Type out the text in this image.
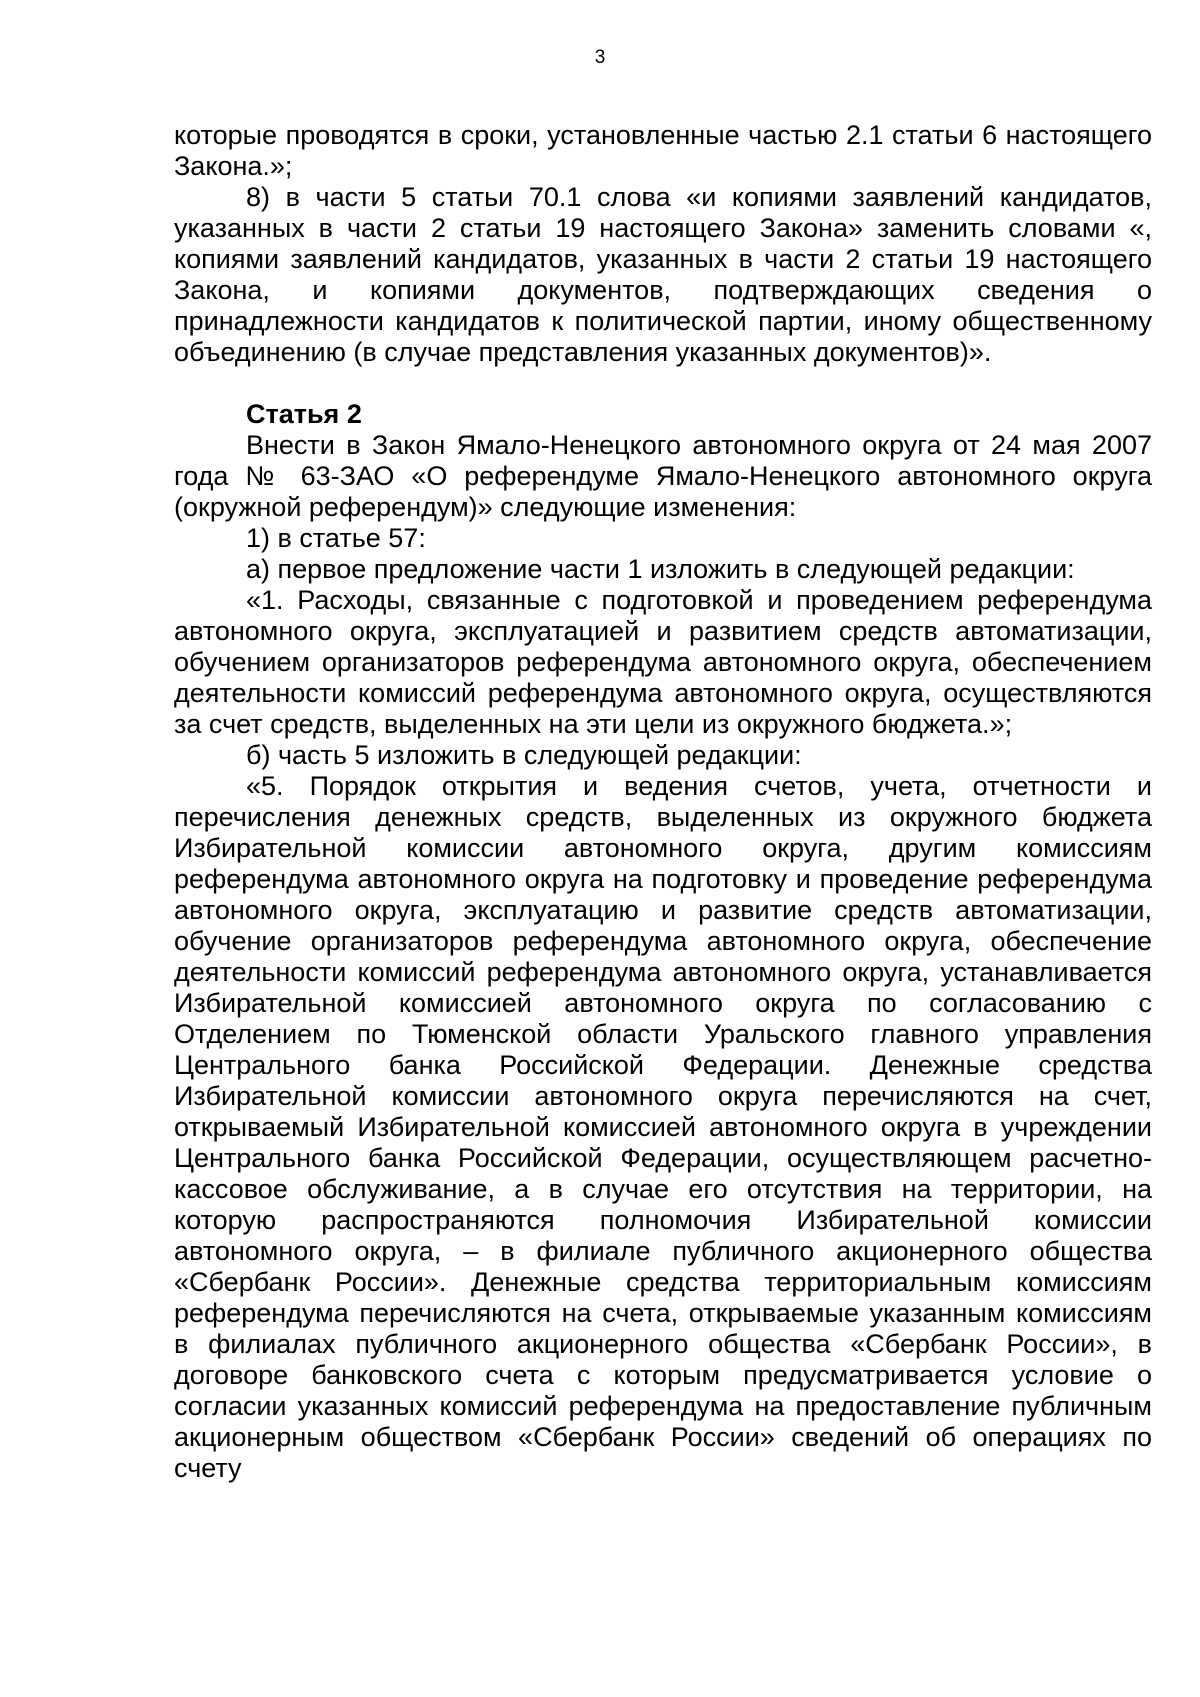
3

которые проводятся в сроки, установленные частью 2.1 статьи 6 настоящего Закона.»;

8) в части 5 статьи 70.1 слова «и копиями заявлений кандидатов, указанных в части 2 статьи 19 настоящего Закона» заменить словами «, копиями заявлений кандидатов, указанных в части 2 статьи 19 настоящего Закона, и копиями документов, подтверждающих сведения о принадлежности кандидатов к политической партии, иному общественному объединению (в случае представления указанных документов)».

Статья 2

Внести в Закон Ямало-Ненецкого автономного округа от 24 мая 2007 года № 63-ЗАО «О референдуме Ямало-Ненецкого автономного округа (окружной референдум)» следующие изменения:

1) в статье 57:

а) первое предложение части 1 изложить в следующей редакции:

«1. Расходы, связанные с подготовкой и проведением референдума автономного округа, эксплуатацией и развитием средств автоматизации, обучением организаторов референдума автономного округа, обеспечением деятельности комиссий референдума автономного округа, осуществляются за счет средств, выделенных на эти цели из окружного бюджета.»;

б) часть 5 изложить в следующей редакции:

«5. Порядок открытия и ведения счетов, учета, отчетности и перечисления денежных средств, выделенных из окружного бюджета Избирательной комиссии автономного округа, другим комиссиям референдума автономного округа на подготовку и проведение референдума автономного округа, эксплуатацию и развитие средств автоматизации, обучение организаторов референдума автономного округа, обеспечение деятельности комиссий референдума автономного округа, устанавливается Избирательной комиссией автономного округа по согласованию с Отделением по Тюменской области Уральского главного управления Центрального банка Российской Федерации. Денежные средства Избирательной комиссии автономного округа перечисляются на счет, открываемый Избирательной комиссией автономного округа в учреждении Центрального банка Российской Федерации, осуществляющем расчетно-кассовое обслуживание, а в случае его отсутствия на территории, на которую распространяются полномочия Избирательной комиссии автономного округа, – в филиале публичного акционерного общества «Сбербанк России». Денежные средства территориальным комиссиям референдума перечисляются на счета, открываемые указанным комиссиям в филиалах публичного акционерного общества «Сбербанк России», в договоре банковского счета с которым предусматривается условие о согласии указанных комиссий референдума на предоставление публичным акционерным обществом «Сбербанк России» сведений об операциях по счету
